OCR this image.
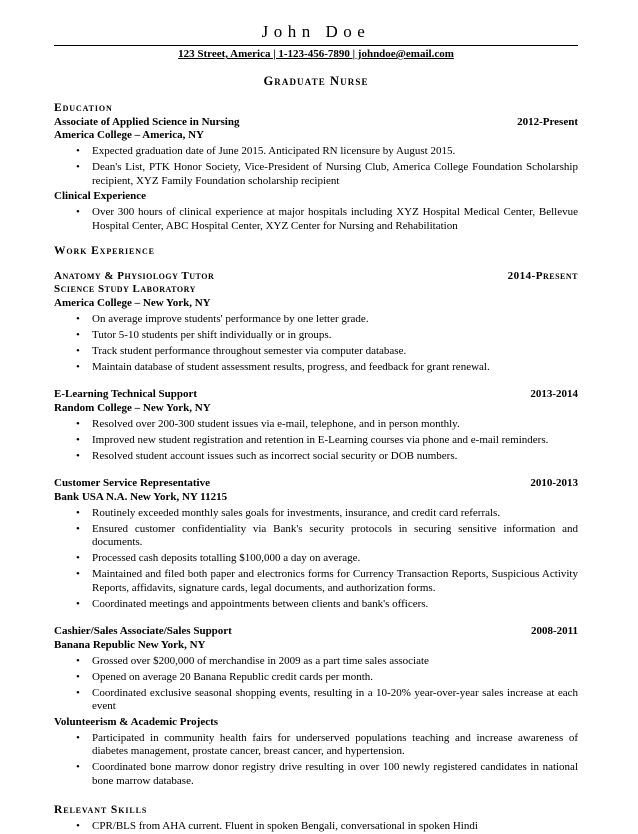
John Doe
123 Street, America | 1-123-456-7890 | johndoe@email.com
Graduate Nurse
Education
Associate of Applied Science in Nursing	2012-Present
America College – America, NY
• Expected graduation date of June 2015. Anticipated RN licensure by August 2015.
• Dean's List, PTK Honor Society, Vice-President of Nursing Club, America College Foundation Scholarship recipient, XYZ Family Foundation scholarship recipient
Clinical Experience
• Over 300 hours of clinical experience at major hospitals including XYZ Hospital Medical Center, Bellevue Hospital Center, ABC Hospital Center, XYZ Center for Nursing and Rehabilitation
Work Experience
Anatomy & Physiology Tutor	2014-Present
Science Study Laboratory
America College – New York, NY
• On average improve students' performance by one letter grade.
• Tutor 5-10 students per shift individually or in groups.
• Track student performance throughout semester via computer database.
• Maintain database of student assessment results, progress, and feedback for grant renewal.
E-Learning Technical Support	2013-2014
Random College – New York, NY
• Resolved over 200-300 student issues via e-mail, telephone, and in person monthly.
• Improved new student registration and retention in E-Learning courses via phone and e-mail reminders.
• Resolved student account issues such as incorrect social security or DOB numbers.
Customer Service Representative	2010-2013
Bank USA N.A. New York, NY 11215
• Routinely exceeded monthly sales goals for investments, insurance, and credit card referrals.
• Ensured customer confidentiality via Bank's security protocols in securing sensitive information and documents.
• Processed cash deposits totalling $100,000 a day on average.
• Maintained and filed both paper and electronics forms for Currency Transaction Reports, Suspicious Activity Reports, affidavits, signature cards, legal documents, and authorization forms.
• Coordinated meetings and appointments between clients and bank's officers.
Cashier/Sales Associate/Sales Support	2008-2011
Banana Republic New York, NY
• Grossed over $200,000 of merchandise in 2009 as a part time sales associate
• Opened on average 20 Banana Republic credit cards per month.
• Coordinated exclusive seasonal shopping events, resulting in a 10-20% year-over-year sales increase at each event
Volunteerism & Academic Projects
• Participated in community health fairs for underserved populations teaching and increase awareness of diabetes management, prostate cancer, breast cancer, and hypertension.
• Coordinated bone marrow donor registry drive resulting in over 100 newly registered candidates in national bone marrow database.
Relevant Skills
• CPR/BLS from AHA current. Fluent in spoken Bengali, conversational in spoken Hindi
